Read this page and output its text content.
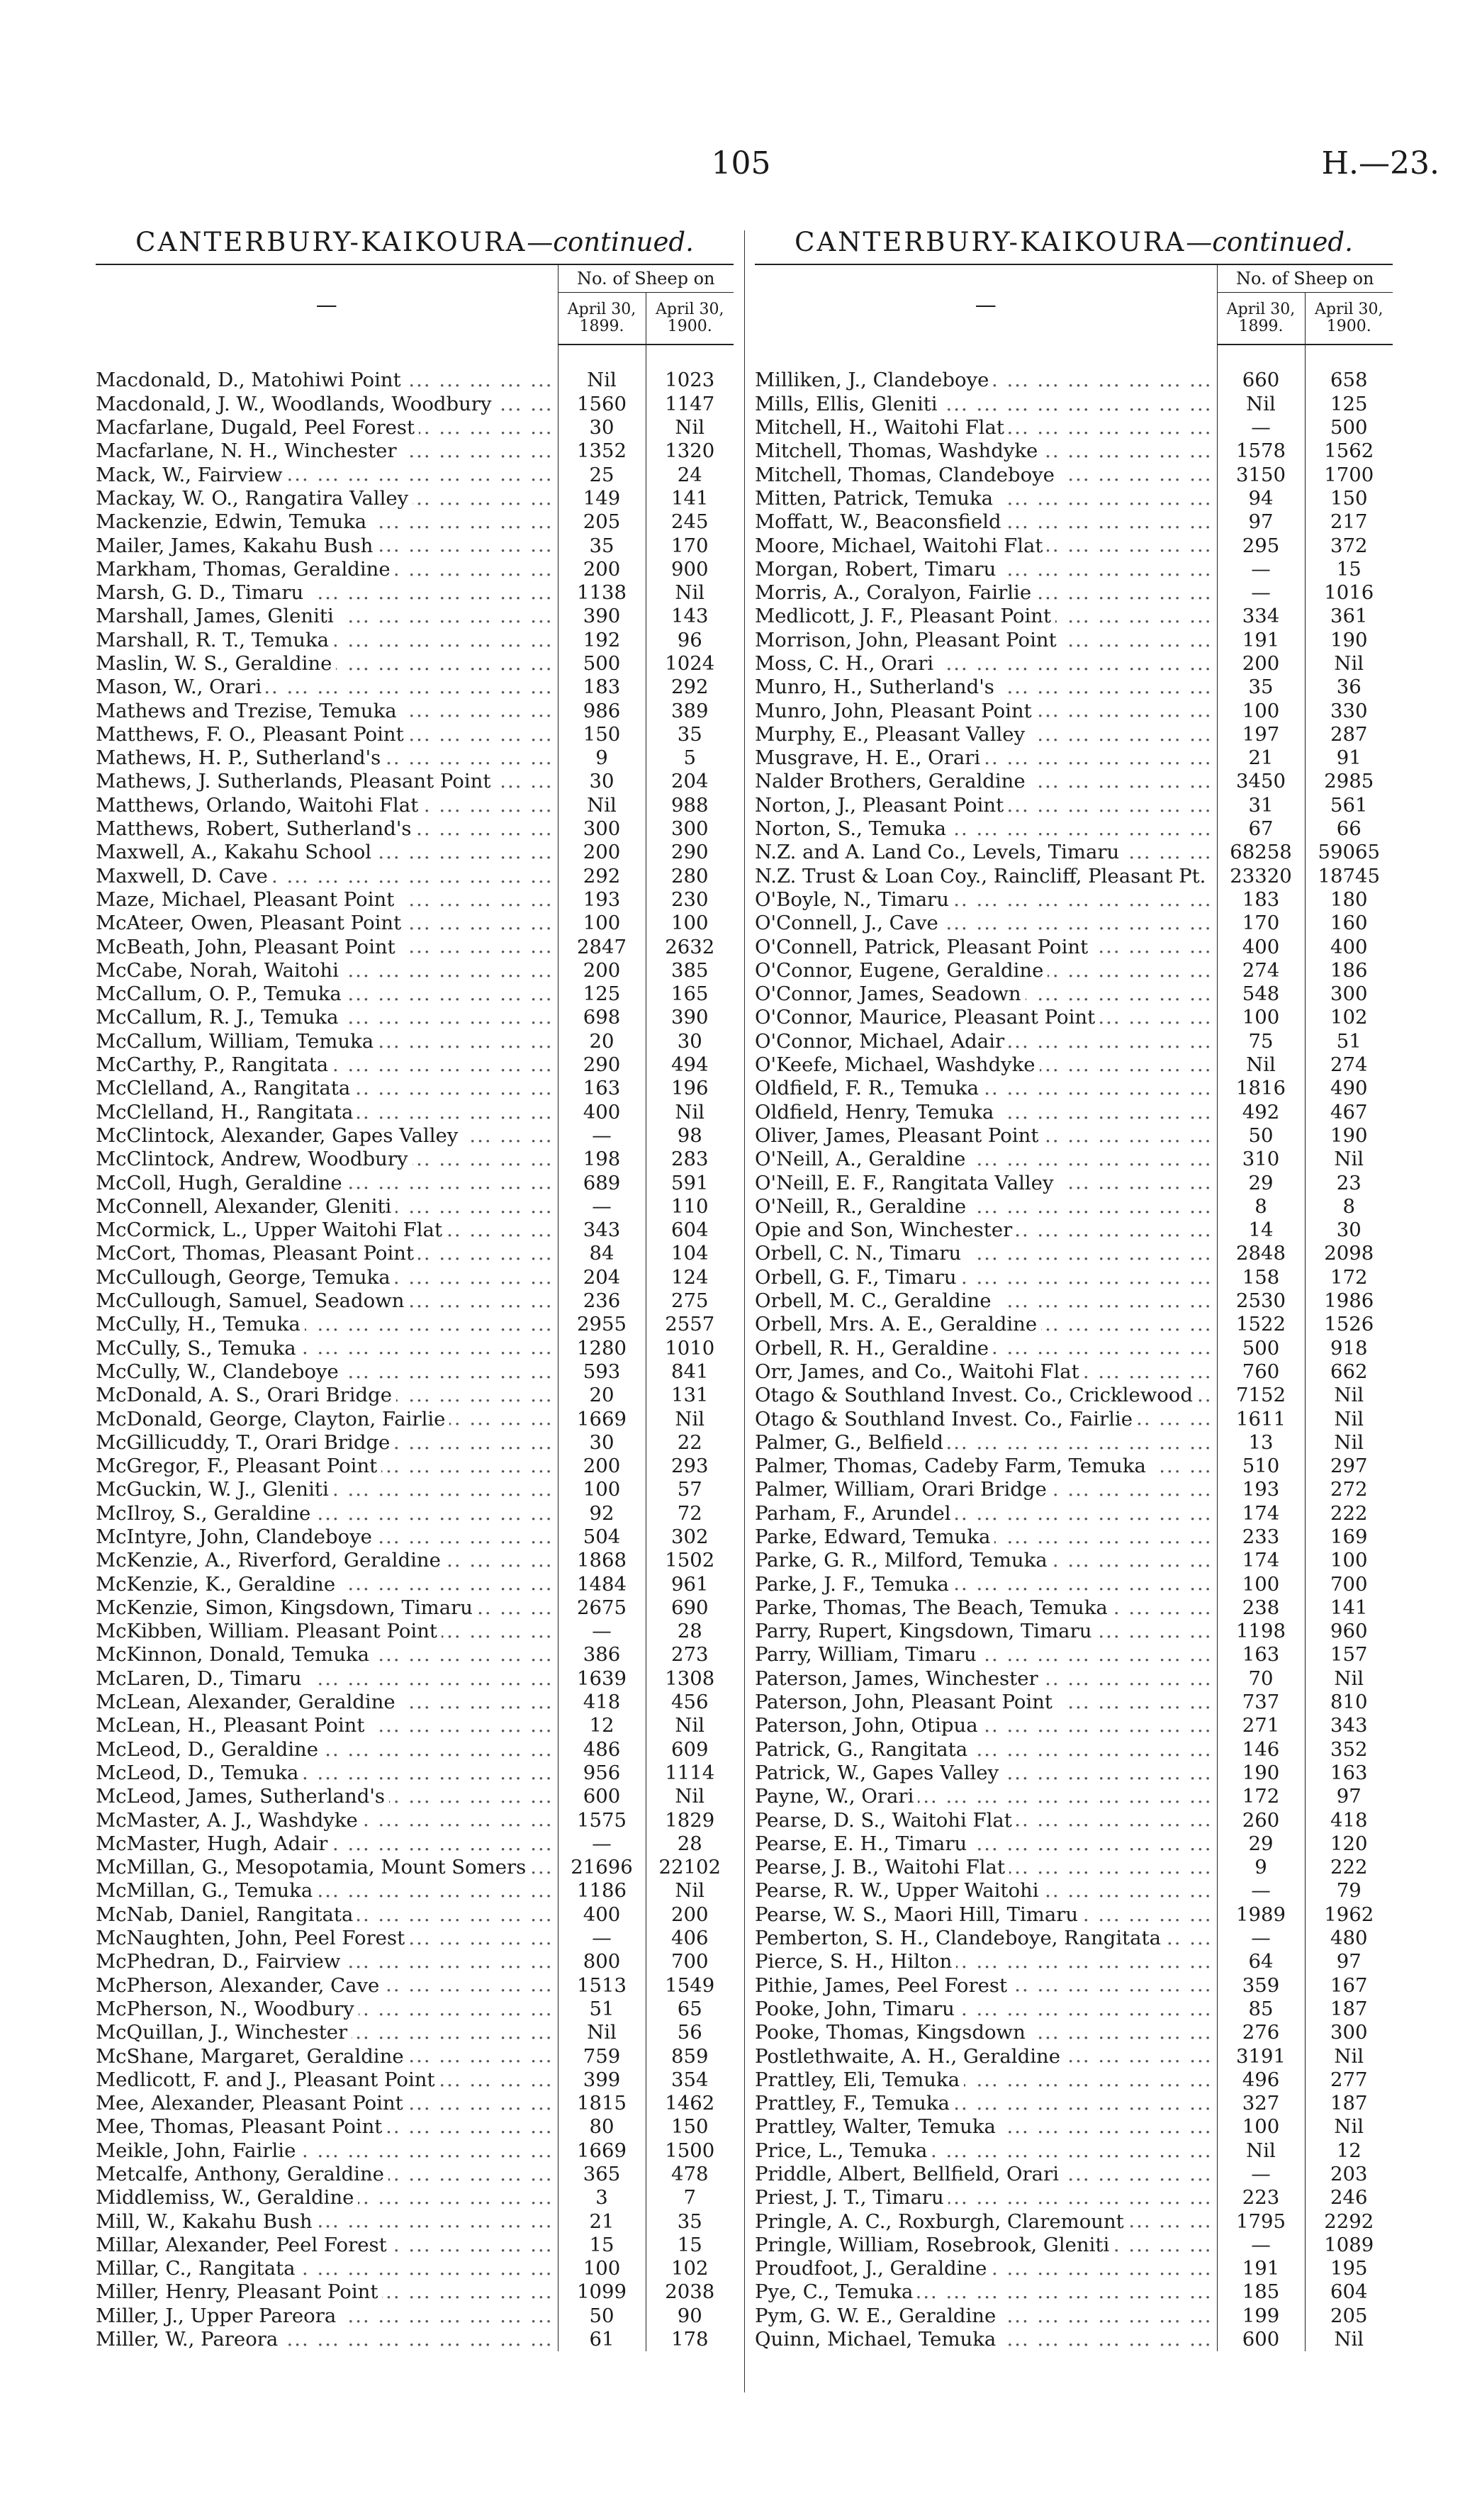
105	H.—23.
CANTERBURY-KAIKOURA—continued.
—	No. of Sheep on	
	April 30, 1899.	April 30, 1900.

Macdonald, D., Matohiwi Point ... .	Nil	1023
Macdonald, J. W., Woodlands, Woodbury ... .	1560	1147
Macfarlane, Dugald, Peel Forest ... .	30	Nil
Macfarlane, N. H., Winchester ... .	1352	1320
Mack, W., Fairview ... .	25	24
Mackay, W. O., Rangatira Valley ... .	149	141
Mackenzie, Edwin, Temuka ... .	205	245
Mailer, James, Kakahu Bush ... .	35	170
Markham, Thomas, Geraldine ... .	200	900
Marsh, G. D., Timaru ... .	1138	Nil
Marshall, James, Gleniti ... .	390	143
Marshall, R. T., Temuka ... .	192	96
Maslin, W. S., Geraldine ... .	500	1024
Mason, W., Orari ... .	183	292
Mathews and Trezise, Temuka ... .	986	389
Matthews, F. O., Pleasant Point ... .	150	35
Mathews, H. P., Sutherland's ... .	9	5
Mathews, J. Sutherlands, Pleasant Point ... .	30	204
Matthews, Orlando, Waitohi Flat ... .	Nil	988
Matthews, Robert, Sutherland's ... .	300	300
Maxwell, A., Kakahu School ... .	200	290
Maxwell, D. Cave ... .	292	280
Maze, Michael, Pleasant Point ... .	193	230
McAteer, Owen, Pleasant Point ... .	100	100
McBeath, John, Pleasant Point ... .	2847	2632
McCabe, Norah, Waitohi ... .	200	385
McCallum, O. P., Temuka ... .	125	165
McCallum, R. J., Temuka ... .	698	390
McCallum, William, Temuka ... .	20	30
McCarthy, P., Rangitata ... .	290	494
McClelland, A., Rangitata ... .	163	196
McClelland, H., Rangitata ... .	400	Nil
McClintock, Alexander, Gapes Valley ... .	—	98
McClintock, Andrew, Woodbury ... .	198	283
McColl, Hugh, Geraldine ... .	689	591
McConnell, Alexander, Gleniti ... .	—	110
McCormick, L., Upper Waitohi Flat ... .	343	604
McCort, Thomas, Pleasant Point ... .	84	104
McCullough, George, Temuka ... .	204	124
McCullough, Samuel, Seadown ... .	236	275
McCully, H., Temuka ... .	2955	2557
McCully, S., Temuka ... .	1280	1010
McCully, W., Clandeboye ... .	593	841
McDonald, A. S., Orari Bridge ... .	20	131
McDonald, George, Clayton, Fairlie ... .	1669	Nil
McGillicuddy, T., Orari Bridge ... .	30	22
McGregor, F., Pleasant Point ... .	200	293
McGuckin, W. J., Gleniti ... .	100	57
McIlroy, S., Geraldine ... .	92	72
McIntyre, John, Clandeboye ... .	504	302
McKenzie, A., Riverford, Geraldine ... .	1868	1502
McKenzie, K., Geraldine ... .	1484	961
McKenzie, Simon, Kingsdown, Timaru ... .	2675	690
McKibben, William. Pleasant Point ... .	—	28
McKinnon, Donald, Temuka ... .	386	273
McLaren, D., Timaru ... .	1639	1308
McLean, Alexander, Geraldine ... .	418	456
McLean, H., Pleasant Point ... .	12	Nil
McLeod, D., Geraldine ... .	486	609
McLeod, D., Temuka ... .	956	1114
McLeod, James, Sutherland's ... .	600	Nil
McMaster, A. J., Washdyke ... .	1575	1829
McMaster, Hugh, Adair ... .	—	28
McMillan, G., Mesopotamia, Mount Somers ... .	21696	22102
McMillan, G., Temuka ... .	1186	Nil
McNab, Daniel, Rangitata ... .	400	200
McNaughten, John, Peel Forest ... .	—	406
McPhedran, D., Fairview ... .	800	700
McPherson, Alexander, Cave ... .	1513	1549
McPherson, N., Woodbury ... .	51	65
McQuillan, J., Winchester ... .	Nil	56
McShane, Margaret, Geraldine ... .	759	859
Medlicott, F. and J., Pleasant Point ... .	399	354
Mee, Alexander, Pleasant Point ... .	1815	1462
Mee, Thomas, Pleasant Point ... .	80	150
Meikle, John, Fairlie ... .	1669	1500
Metcalfe, Anthony, Geraldine ... .	365	478
Middlemiss, W., Geraldine ... .	3	7
Mill, W., Kakahu Bush ... .	21	35
Millar, Alexander, Peel Forest ... .	15	15
Millar, C., Rangitata ... .	100	102
Miller, Henry, Pleasant Point ... .	1099	2038
Miller, J., Upper Pareora ... .	50	90
Miller, W., Pareora ... .	61	178
CANTERBURY-KAIKOURA—continued.
—	No. of Sheep on	
	April 30, 1899.	April 30, 1900.

Milliken, J., Clandeboye ... .	660	658
Mills, Ellis, Gleniti ... .	Nil	125
Mitchell, H., Waitohi Flat ... .	—	500
Mitchell, Thomas, Washdyke ... .	1578	1562
Mitchell, Thomas, Clandeboye ... .	3150	1700
Mitten, Patrick, Temuka ... .	94	150
Moffatt, W., Beaconsfield ... .	97	217
Moore, Michael, Waitohi Flat ... .	295	372
Morgan, Robert, Timaru ... .	—	15
Morris, A., Coralyon, Fairlie ... .	—	1016
Medlicott, J. F., Pleasant Point ... .	334	361
Morrison, John, Pleasant Point ... .	191	190
Moss, C. H., Orari ... .	200	Nil
Munro, H., Sutherland's ... .	35	36
Munro, John, Pleasant Point ... .	100	330
Murphy, E., Pleasant Valley ... .	197	287
Musgrave, H. E., Orari ... .	21	91
Nalder Brothers, Geraldine ... .	3450	2985
Norton, J., Pleasant Point ... .	31	561
Norton, S., Temuka ... .	67	66
N.Z. and A. Land Co., Levels, Timaru ... .	68258	59065
N.Z. Trust & Loan Coy., Raincliff, Pleasant Pt. ... .	23320	18745
O'Boyle, N., Timaru ... .	183	180
O'Connell, J., Cave ... .	170	160
O'Connell, Patrick, Pleasant Point ... .	400	400
O'Connor, Eugene, Geraldine ... .	274	186
O'Connor, James, Seadown ... .	548	300
O'Connor, Maurice, Pleasant Point ... .	100	102
O'Connor, Michael, Adair ... .	75	51
O'Keefe, Michael, Washdyke ... .	Nil	274
Oldfield, F. R., Temuka ... .	1816	490
Oldfield, Henry, Temuka ... .	492	467
Oliver, James, Pleasant Point ... .	50	190
O'Neill, A., Geraldine ... .	310	Nil
O'Neill, E. F., Rangitata Valley ... .	29	23
O'Neill, R., Geraldine ... .	8	8
Opie and Son, Winchester ... .	14	30
Orbell, C. N., Timaru ... .	2848	2098
Orbell, G. F., Timaru ... .	158	172
Orbell, M. C., Geraldine ... .	2530	1986
Orbell, Mrs. A. E., Geraldine ... .	1522	1526
Orbell, R. H., Geraldine ... .	500	918
Orr, James, and Co., Waitohi Flat ... .	760	662
Otago & Southland Invest. Co., Cricklewood ... .	7152	Nil
Otago & Southland Invest. Co., Fairlie ... .	1611	Nil
Palmer, G., Belfield ... .	13	Nil
Palmer, Thomas, Cadeby Farm, Temuka ... .	510	297
Palmer, William, Orari Bridge ... .	193	272
Parham, F., Arundel ... .	174	222
Parke, Edward, Temuka ... .	233	169
Parke, G. R., Milford, Temuka ... .	174	100
Parke, J. F., Temuka ... .	100	700
Parke, Thomas, The Beach, Temuka ... .	238	141
Parry, Rupert, Kingsdown, Timaru ... .	1198	960
Parry, William, Timaru ... .	163	157
Paterson, James, Winchester ... .	70	Nil
Paterson, John, Pleasant Point ... .	737	810
Paterson, John, Otipua ... .	271	343
Patrick, G., Rangitata ... .	146	352
Patrick, W., Gapes Valley ... .	190	163
Payne, W., Orari ... .	172	97
Pearse, D. S., Waitohi Flat ... .	260	418
Pearse, E. H., Timaru ... .	29	120
Pearse, J. B., Waitohi Flat ... .	9	222
Pearse, R. W., Upper Waitohi ... .	—	79
Pearse, W. S., Maori Hill, Timaru ... .	1989	1962
Pemberton, S. H., Clandeboye, Rangitata ... .	—	480
Pierce, S. H., Hilton ... .	64	97
Pithie, James, Peel Forest ... .	359	167
Pooke, John, Timaru ... .	85	187
Pooke, Thomas, Kingsdown ... .	276	300
Postlethwaite, A. H., Geraldine ... .	3191	Nil
Prattley, Eli, Temuka ... .	496	277
Prattley, F., Temuka ... .	327	187
Prattley, Walter, Temuka ... .	100	Nil
Price, L., Temuka ... .	Nil	12
Priddle, Albert, Bellfield, Orari ... .	—	203
Priest, J. T., Timaru ... .	223	246
Pringle, A. C., Roxburgh, Claremount ... .	1795	2292
Pringle, William, Rosebrook, Gleniti ... .	—	1089
Proudfoot, J., Geraldine ... .	191	195
Pye, C., Temuka ... .	185	604
Pym, G. W. E., Geraldine ... .	199	205
Quinn, Michael, Temuka ... .	600	Nil
